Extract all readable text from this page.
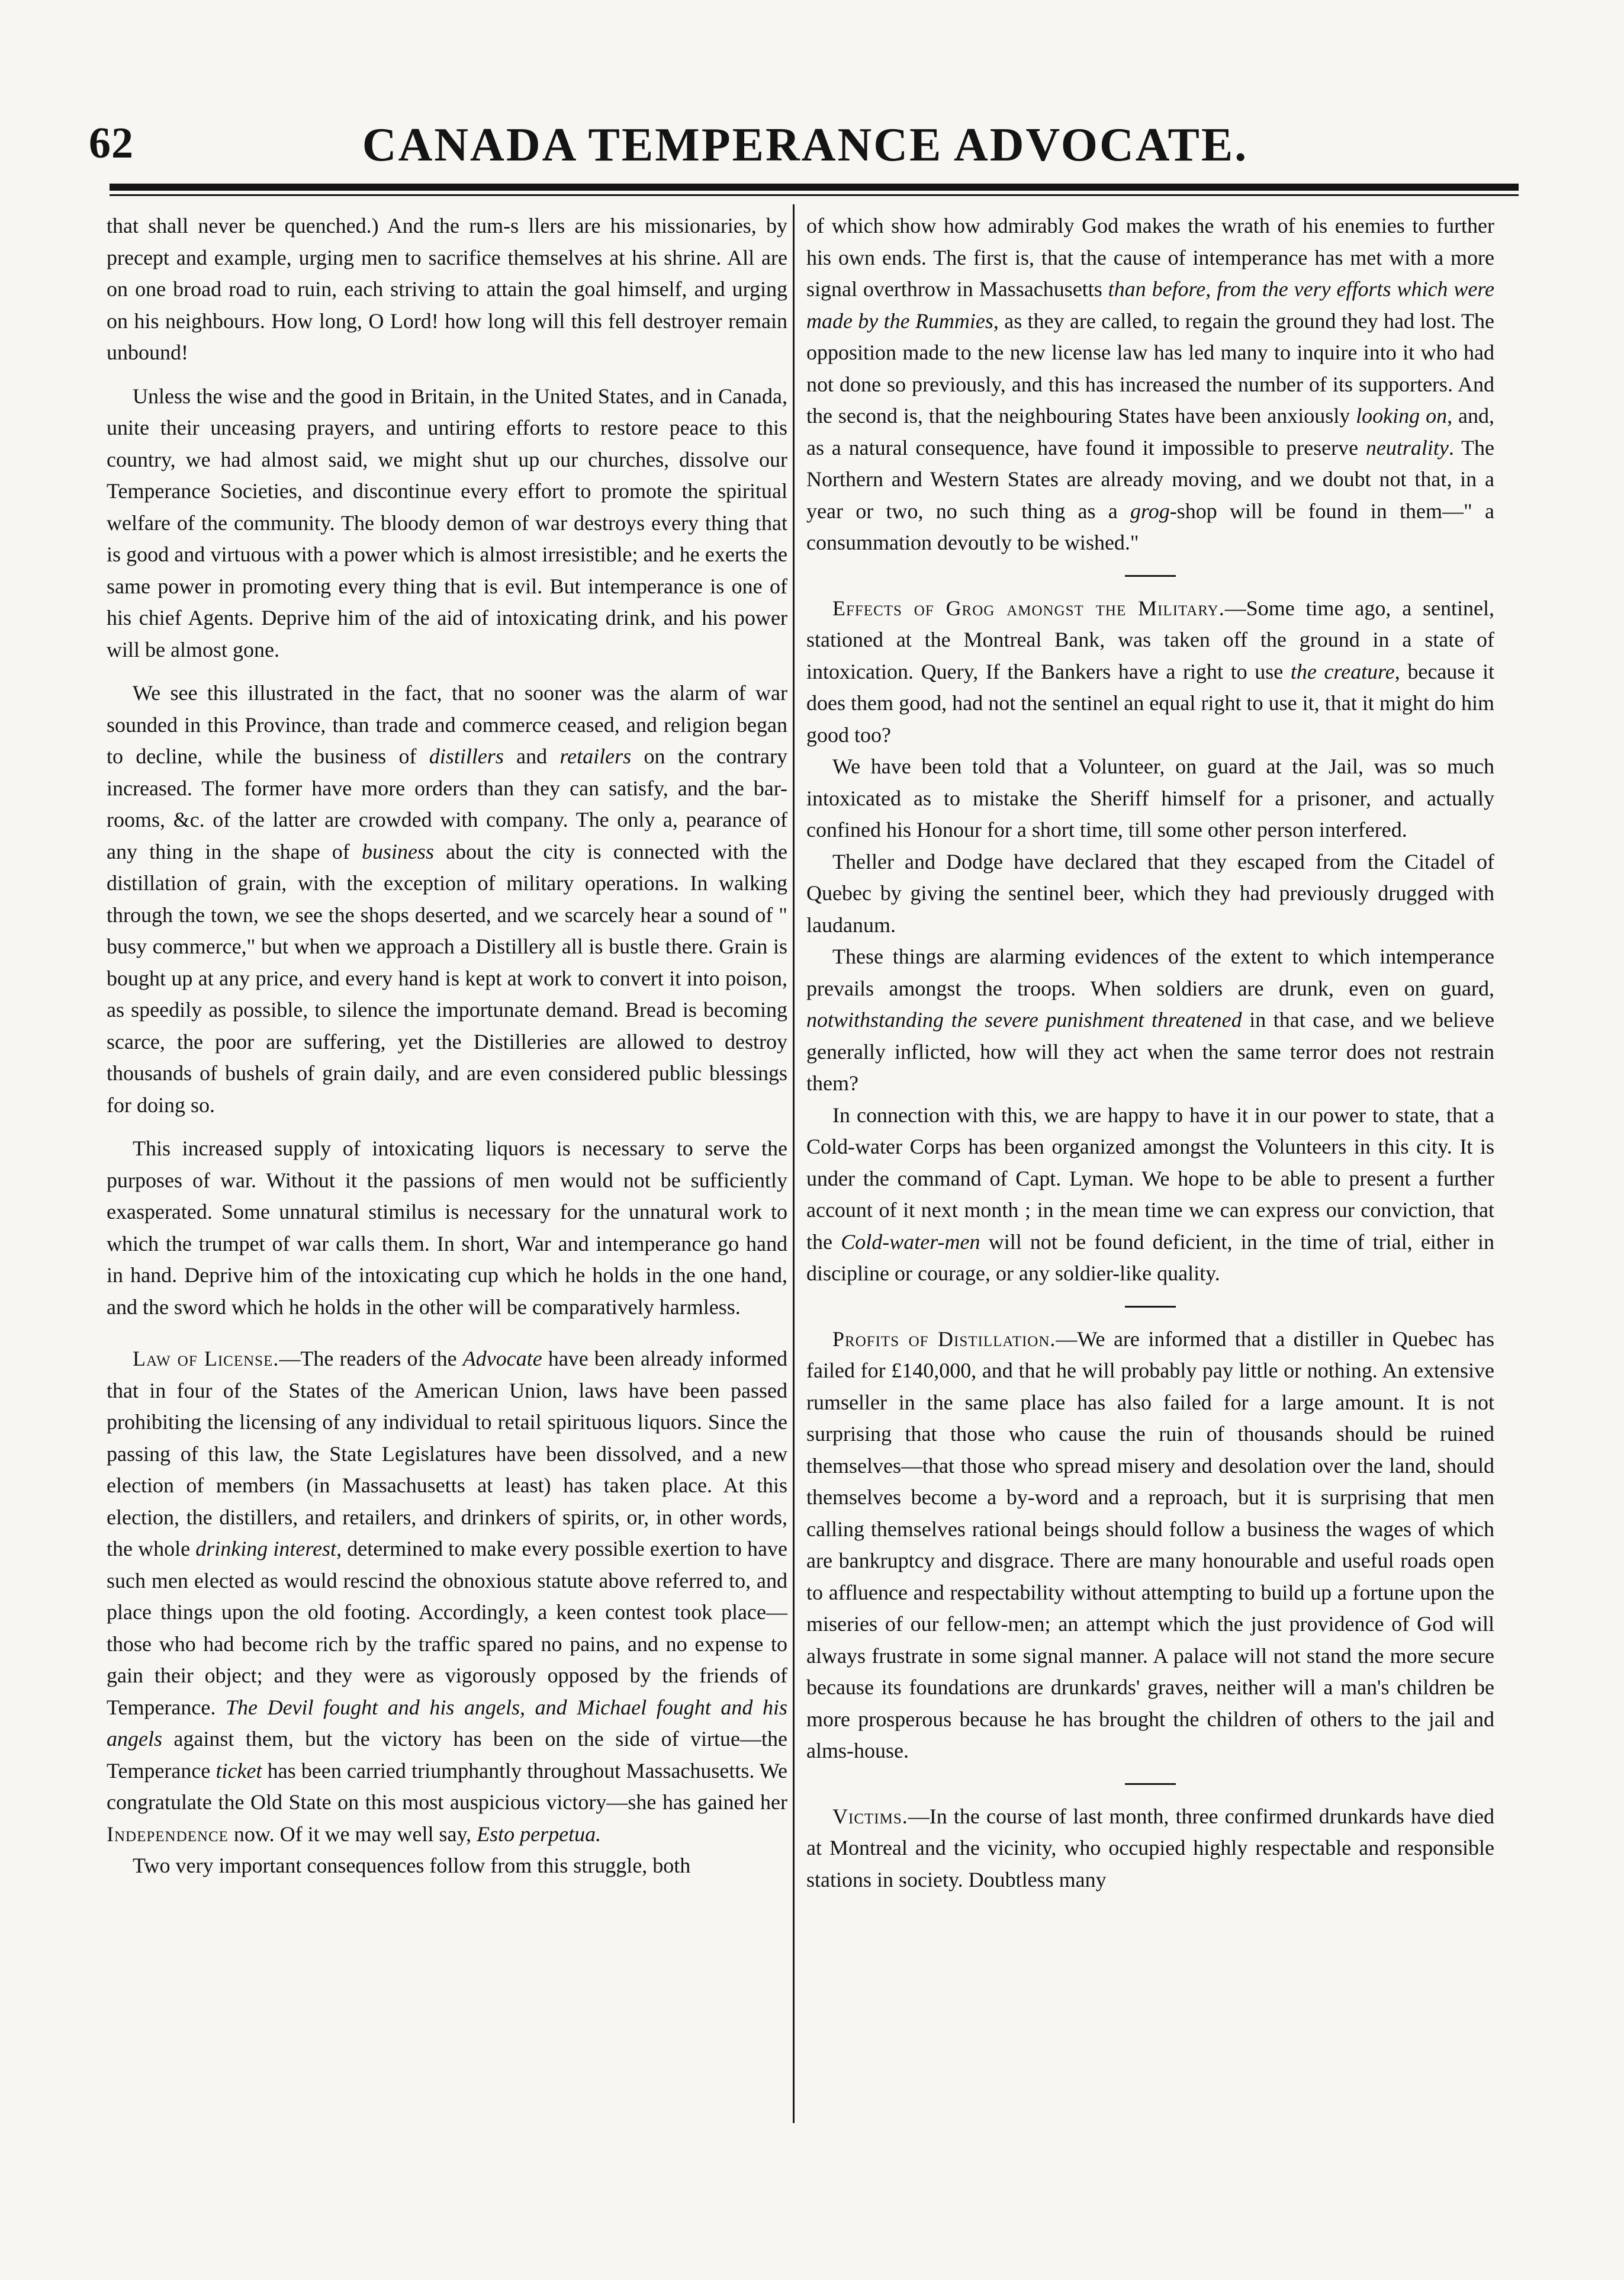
62	CANADA TEMPERANCE ADVOCATE.

that shall never be quenched.) And the rum-s llers are his missionaries, by precept and example, urging men to sacrifice themselves at his shrine. All are on one broad road to ruin, each striving to attain the goal himself, and urging on his neighbours. How long, O Lord! how long will this fell destroyer remain unbound!

Unless the wise and the good in Britain, in the United States, and in Canada, unite their unceasing prayers, and untiring efforts to restore peace to this country, we had almost said, we might shut up our churches, dissolve our Temperance Societies, and discontinue every effort to promote the spiritual welfare of the community. The bloody demon of war destroys every thing that is good and virtuous with a power which is almost irresistible; and he exerts the same power in promoting every thing that is evil. But intemperance is one of his chief Agents. Deprive him of the aid of intoxicating drink, and his power will be almost gone.

We see this illustrated in the fact, that no sooner was the alarm of war sounded in this Province, than trade and commerce ceased, and religion began to decline, while the business of distillers and retailers on the contrary increased. The former have more orders than they can satisfy, and the bar-rooms, &c. of the latter are crowded with company. The only a, pearance of any thing in the shape of business about the city is connected with the distillation of grain, with the exception of military operations. In walking through the town, we see the shops deserted, and we scarcely hear a sound of " busy commerce," but when we approach a Distillery all is bustle there. Grain is bought up at any price, and every hand is kept at work to convert it into poison, as speedily as possible, to silence the importunate demand. Bread is becoming scarce, the poor are suffering, yet the Distilleries are allowed to destroy thousands of bushels of grain daily, and are even considered public blessings for doing so.

This increased supply of intoxicating liquors is necessary to serve the purposes of war. Without it the passions of men would not be sufficiently exasperated. Some unnatural stimilus is necessary for the unnatural work to which the trumpet of war calls them. In short, War and intemperance go hand in hand. Deprive him of the intoxicating cup which he holds in the one hand, and the sword which he holds in the other will be comparatively harmless.

Law of License.—The readers of the Advocate have been already informed that in four of the States of the American Union, laws have been passed prohibiting the licensing of any individual to retail spirituous liquors. Since the passing of this law, the State Legislatures have been dissolved, and a new election of members (in Massachusetts at least) has taken place. At this election, the distillers, and retailers, and drinkers of spirits, or, in other words, the whole drinking interest, determined to make every possible exertion to have such men elected as would rescind the obnoxious statute above referred to, and place things upon the old footing. Accordingly, a keen contest took place—those who had become rich by the traffic spared no pains, and no expense to gain their object; and they were as vigorously opposed by the friends of Temperance. The Devil fought and his angels, and Michael fought and his angels against them, but the victory has been on the side of virtue—the Temperance ticket has been carried triumphantly throughout Massachusetts. We congratulate the Old State on this most auspicious victory—she has gained her Independence now. Of it we may well say, Esto perpetua.

Two very important consequences follow from this struggle, both

of which show how admirably God makes the wrath of his enemies to further his own ends. The first is, that the cause of intemperance has met with a more signal overthrow in Massachusetts than before, from the very efforts which were made by the Rummies, as they are called, to regain the ground they had lost. The opposition made to the new license law has led many to inquire into it who had not done so previously, and this has increased the number of its supporters. And the second is, that the neighbouring States have been anxiously looking on, and, as a natural consequence, have found it impossible to preserve neutrality. The Northern and Western States are already moving, and we doubt not that, in a year or two, no such thing as a grog-shop will be found in them—" a consummation devoutly to be wished."

Effects of Grog amongst the Military.—Some time ago, a sentinel, stationed at the Montreal Bank, was taken off the ground in a state of intoxication. Query, If the Bankers have a right to use the creature, because it does them good, had not the sentinel an equal right to use it, that it might do him good too?

We have been told that a Volunteer, on guard at the Jail, was so much intoxicated as to mistake the Sheriff himself for a prisoner, and actually confined his Honour for a short time, till some other person interfered.

Theller and Dodge have declared that they escaped from the Citadel of Quebec by giving the sentinel beer, which they had previously drugged with laudanum.

These things are alarming evidences of the extent to which intemperance prevails amongst the troops. When soldiers are drunk, even on guard, notwithstanding the severe punishment threatened in that case, and we believe generally inflicted, how will they act when the same terror does not restrain them?

In connection with this, we are happy to have it in our power to state, that a Cold-water Corps has been organized amongst the Volunteers in this city. It is under the command of Capt. Lyman. We hope to be able to present a further account of it next month ; in the mean time we can express our conviction, that the Cold-water-men will not be found deficient, in the time of trial, either in discipline or courage, or any soldier-like quality.

Profits of Distillation.—We are informed that a distiller in Quebec has failed for £140,000, and that he will probably pay little or nothing. An extensive rumseller in the same place has also failed for a large amount. It is not surprising that those who cause the ruin of thousands should be ruined themselves—that those who spread misery and desolation over the land, should themselves become a by-word and a reproach, but it is surprising that men calling themselves rational beings should follow a business the wages of which are bankruptcy and disgrace. There are many honourable and useful roads open to affluence and respectability without attempting to build up a fortune upon the miseries of our fellow-men; an attempt which the just providence of God will always frustrate in some signal manner. A palace will not stand the more secure because its foundations are drunkards' graves, neither will a man's children be more prosperous because he has brought the children of others to the jail and alms-house.

Victims.—In the course of last month, three confirmed drunkards have died at Montreal and the vicinity, who occupied highly respectable and responsible stations in society. Doubtless many
